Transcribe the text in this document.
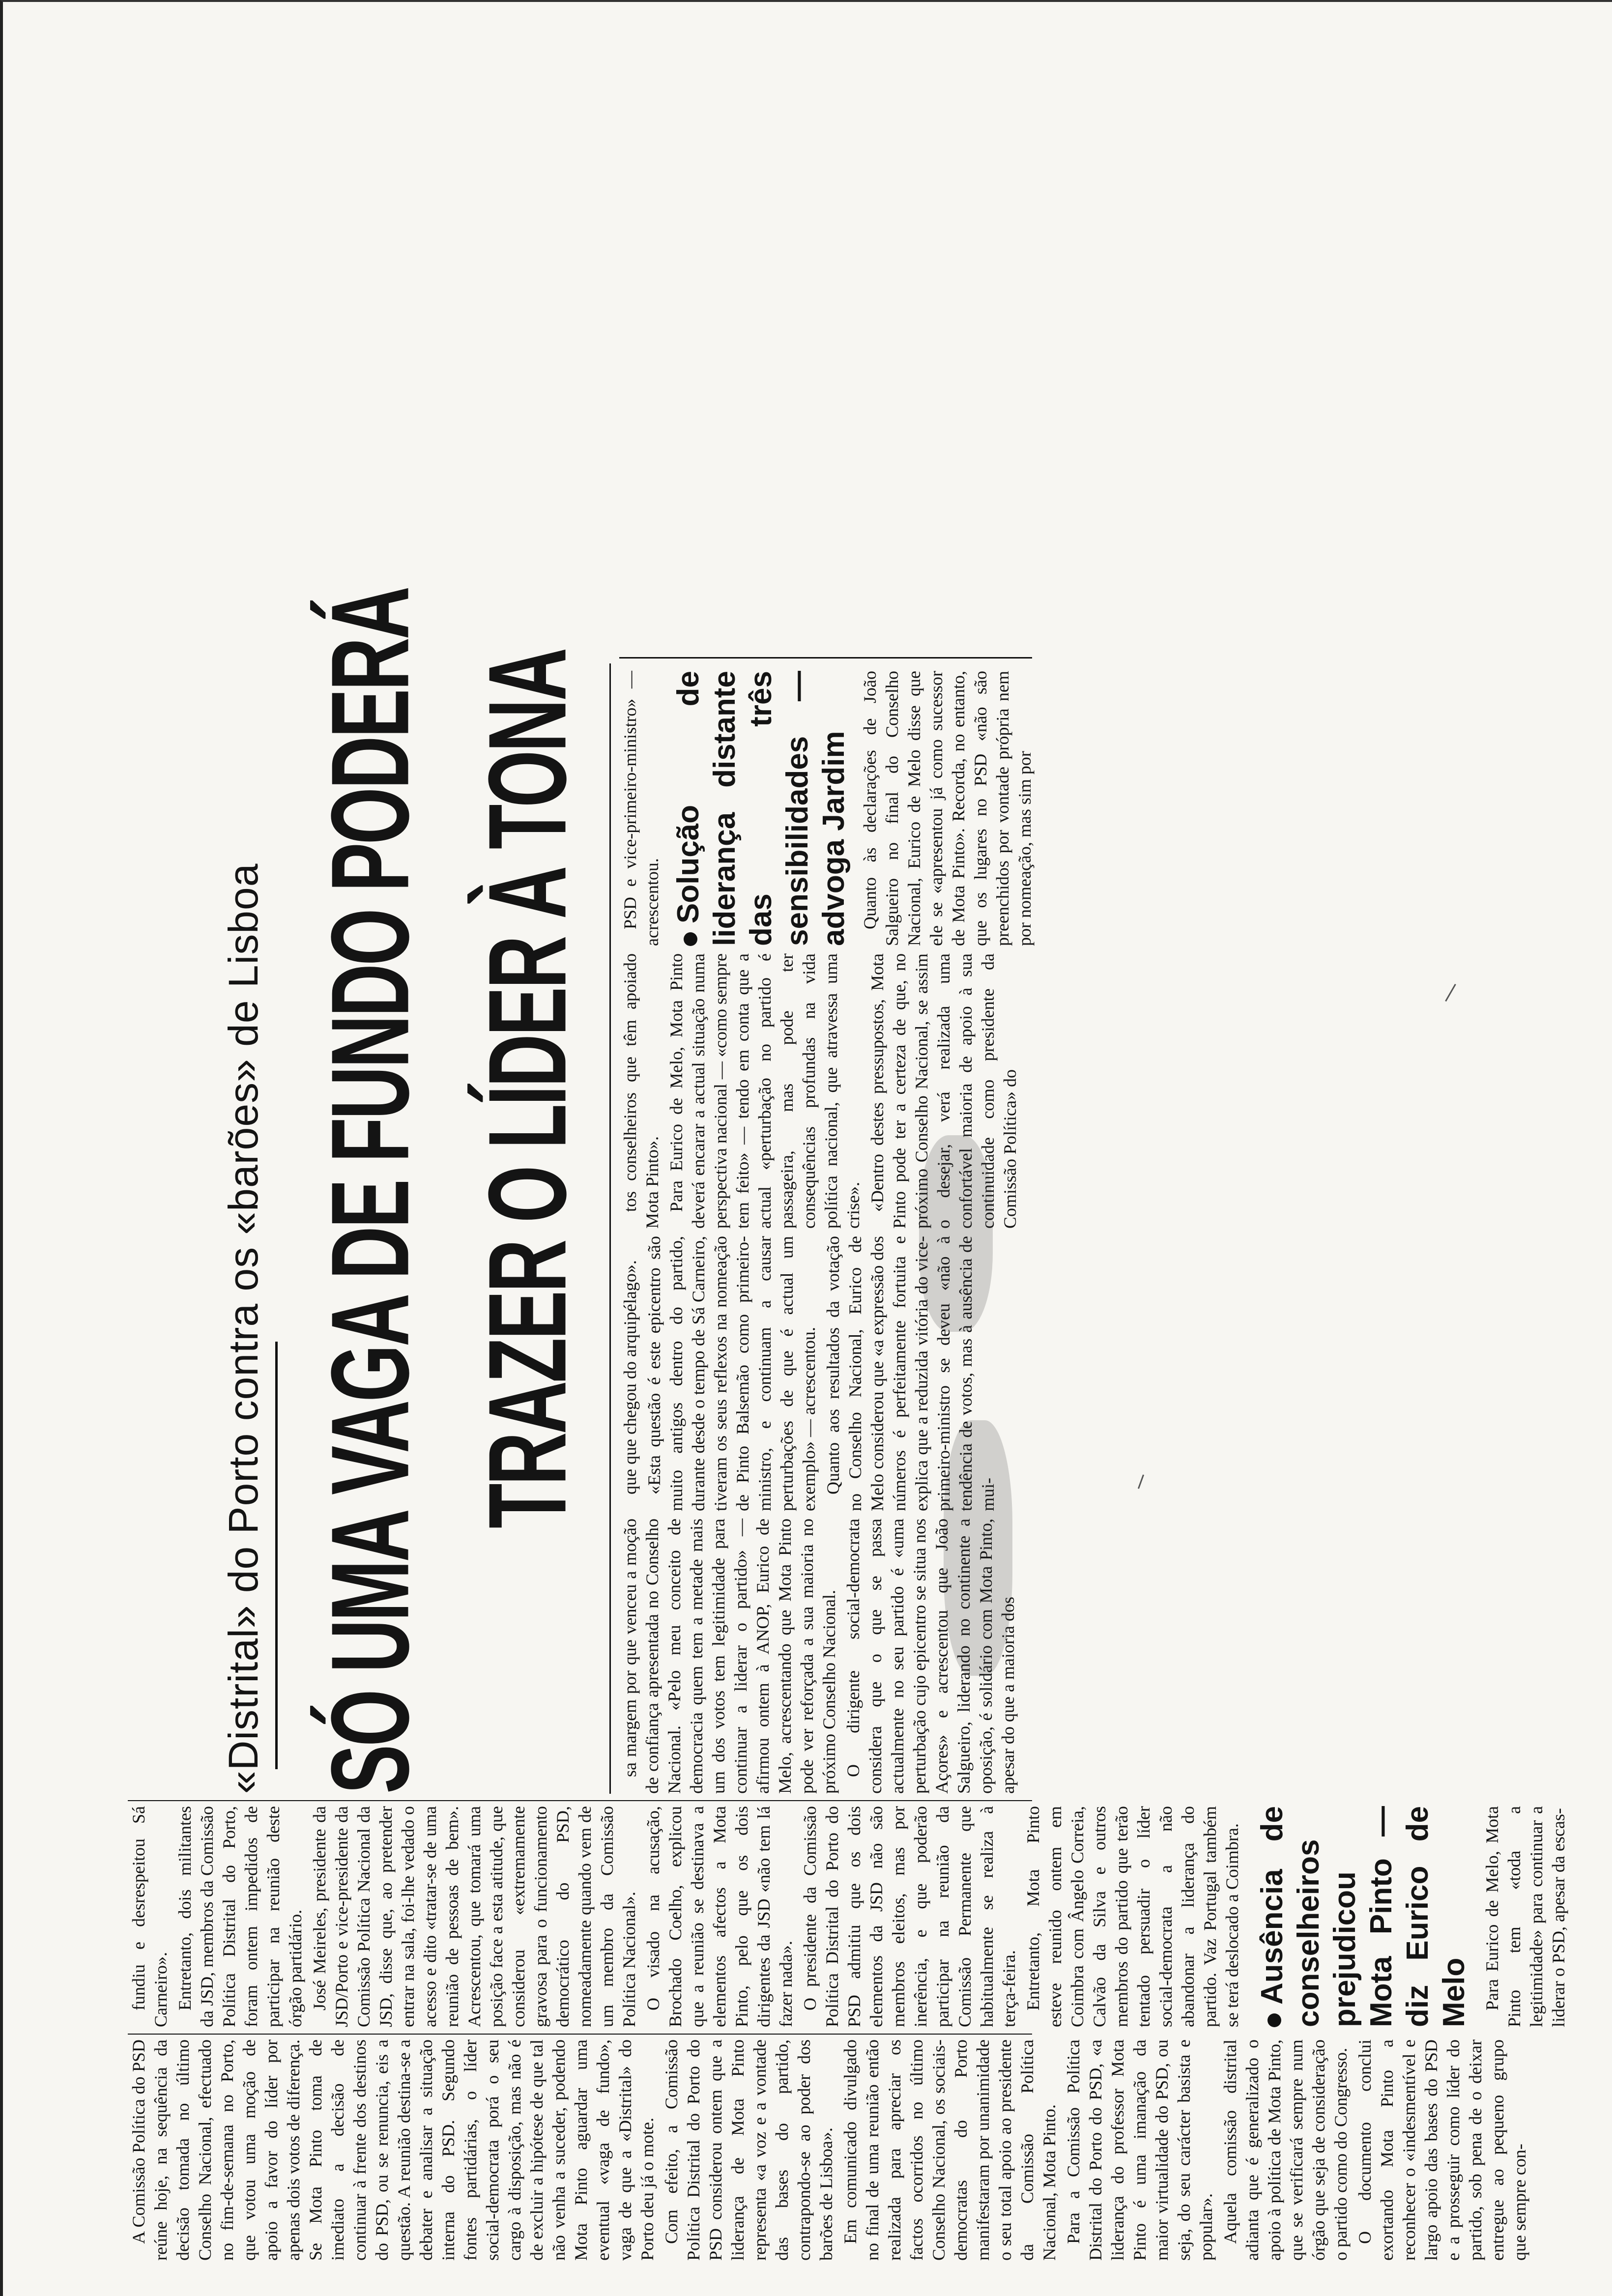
A Comissão Política do PSD reúne hoje, na sequência da decisão tomada no último Conselho Nacional, efectuado no fim-de-semana no Porto, que votou uma moção de apoio a favor do líder por apenas dois votos de diferença. Se Mota Pinto toma de imediato a decisão de continuar à frente dos destinos do PSD, ou se renuncia, eis a questão. A reunião destina-se a debater e analisar a situação interna do PSD. Segundo fontes partidárias, o líder social-democrata porá o seu cargo à disposição, mas não é de excluir a hipótese de que tal não venha a suceder, podendo Mota Pinto aguardar uma eventual «vaga de fundo», vaga de que a «Distrital» do Porto deu já o mote. Com efeito, a Comissão Política Distrital do Porto do PSD considerou ontem que a liderança de Mota Pinto representa «a voz e a vontade das bases do partido, contrapondo-se ao poder dos barões de Lisboa». Em comunicado divulgado no final de uma reunião então realizada para apreciar os factos ocorridos no último Conselho Nacional, os sociais-democratas do Porto manifestaram por unanimidade o seu total apoio ao presidente da Comissão Política Nacional, Mota Pinto. Para a Comissão Política Distrital do Porto do PSD, «a liderança do professor Mota Pinto é uma imanação da maior virtualidade do PSD, ou seja, do seu carácter basista e popular». Aquela comissão distrital adianta que é generalizado o apoio à política de Mota Pinto, que se verificará sempre num órgão que seja de consideração o partido como do Congresso. O documento conclui exortando Mota Pinto a reconhecer o «indesmentível e largo apoio das bases do PSD e a prosseguir como líder do partido, sob pena de o deixar entregue ao pequeno grupo que sempre con-

fundiu e desrespeitou Sá Carneiro». Entretanto, dois militantes da JSD, membros da Comissão Política Distrital do Porto, foram ontem impedidos de participar na reunião deste órgão partidário. José Meireles, presidente da JSD/Porto e vice-presidente da Comissão Política Nacional da JSD, disse que, ao pretender entrar na sala, foi-lhe vedado o acesso e dito «tratar-se de uma reunião de pessoas de bem». Acrescentou, que tomará uma posição face a esta atitude, que considerou «extremamente gravosa para o funcionamento democrático do PSD, nomeadamente quando vem de um membro da Comissão Política Nacional». O visado na acusação, Brochado Coelho, explicou que a reunião se destinava a elementos afectos a Mota Pinto, pelo que os dois dirigentes da JSD «não tem lá fazer nada». O presidente da Comissão Política Distrital do Porto do PSD admitiu que os dois elementos da JSD não são membros eleitos, mas por inerência, e que poderão participar na reunião da Comissão Permanente que habitualmente se realiza à terça-feira. Entretanto, Mota Pinto esteve reunido ontem em Coimbra com Ângelo Correia, Calvão da Silva e outros membros do partido que terão tentado persuadir o líder social-democrata a não abandonar a liderança do partido. Vaz Portugal também se terá deslocado a Coimbra. Ausência de conselheiros prejudicou Mota Pinto — diz Eurico de Melo Para Eurico de Melo, Mota Pinto tem «toda a legitimidade» para continuar a liderar o PSD, apesar da escas-

«Distrital» do Porto contra os «barões» de Lisboa SÓ UMA VAGA DE FUNDO PODERÁ TRAZER O LÍDER À TONA

sa margem por que venceu a moção de confiança apresentada no Conselho Nacional. «Pelo meu conceito de democracia quem tem a metade mais um dos votos tem legitimidade para continuar a liderar o partido» — afirmou ontem à ANOP, Eurico de Melo, acrescentando que Mota Pinto pode ver reforçada a sua maioria no próximo Conselho Nacional. O dirigente social-democrata considera que o que se passa actualmente no seu partido é «uma perturbação cujo epicentro se situa nos Açores» e acrescentou que João Salgueiro, liderando no continente a oposição, é solidário com Mota Pinto, apesar do que a maioria dos

que que chegou do arquipélago». «Esta questão é este epicentro são muito antigos dentro do partido, durante desde o tempo de Sá Carneiro, tiveram os seus reflexos na nomeação de Pinto Balsemão como primeiro-ministro, e continuam a causar perturbações de que é actual um exemplo» — acrescentou. Quanto aos resultados da votação no Conselho Nacional, Eurico de Melo considerou que «a expressão dos números é perfeitamente fortuita e explica que a reduzida vitória do vice-primeiro-ministro se deveu «não à tendência de votos, mas à ausência de mui-

tos conselheiros que têm apoiado Mota Pinto». Para Eurico de Melo, Mota Pinto deverá encarar a actual situação numa perspectiva nacional — «como sempre tem feito» — tendo em conta que a actual «perturbação no partido é passageira, mas pode ter consequências profundas na vida política nacional, que atravessa uma crise». «Dentro destes pressupostos, Mota Pinto pode ter a certeza de que, no próximo Conselho Nacional, se assim o desejar, verá realizada uma confortável maioria de apoio à sua continuidade como presidente da Comissão Política» do

PSD e vice-primeiro-ministro» — acrescentou. Solução de liderança distante das três sensibilidades — advoga Jardim Quanto às declarações de João Salgueiro no final do Conselho Nacional, Eurico de Melo disse que ele se «apresentou já como sucessor de Mota Pinto». Recorda, no entanto, que os lugares no PSD «não são preenchidos por vontade própria nem por nomeação, mas sim por
